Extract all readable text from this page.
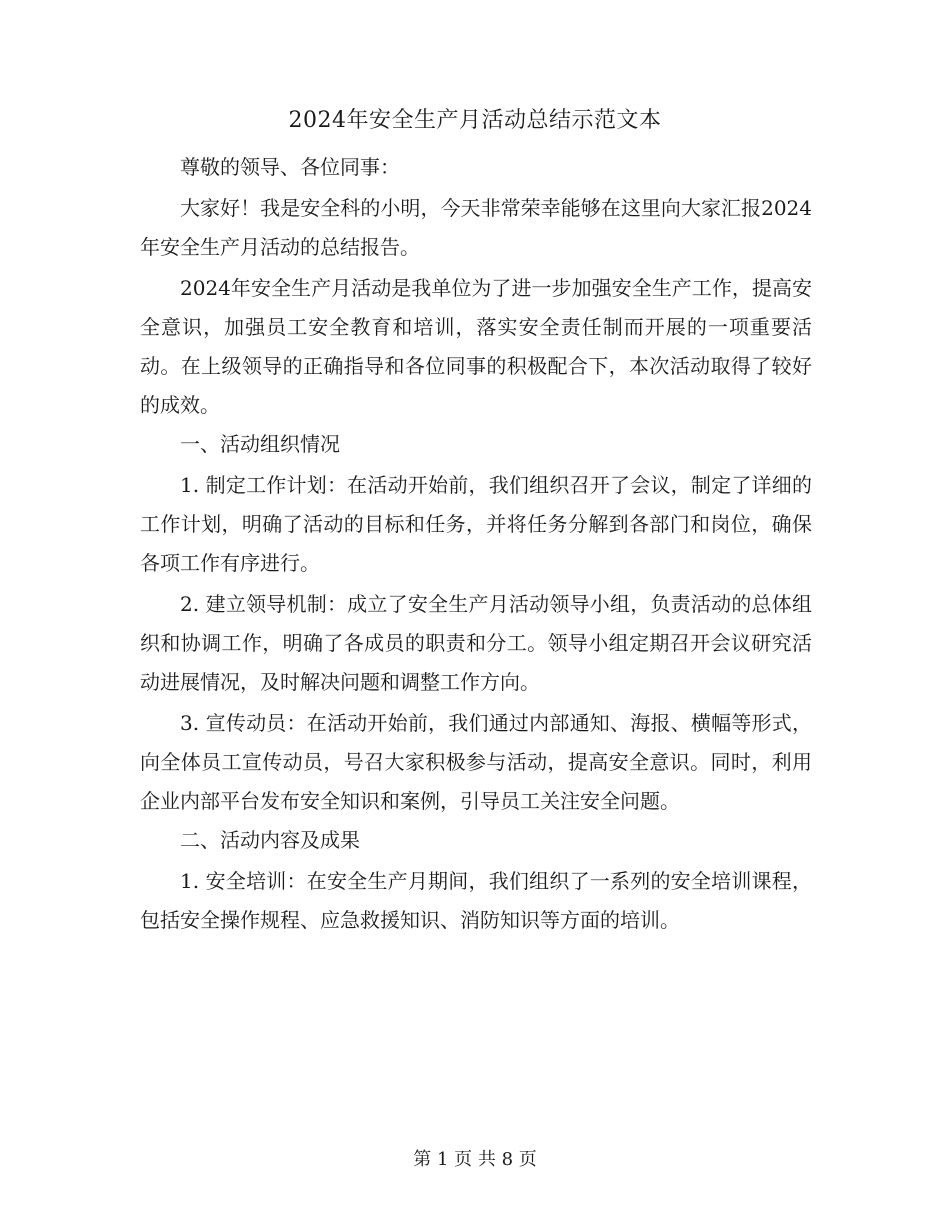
2024年安全生产月活动总结示范文本

尊敬的领导、各位同事：

大家好！我是安全科的小明，今天非常荣幸能够在这里向大家汇报2024年安全生产月活动的总结报告。

2024年安全生产月活动是我单位为了进一步加强安全生产工作，提高安全意识，加强员工安全教育和培训，落实安全责任制而开展的一项重要活动。在上级领导的正确指导和各位同事的积极配合下，本次活动取得了较好的成效。

一、活动组织情况

1. 制定工作计划：在活动开始前，我们组织召开了会议，制定了详细的工作计划，明确了活动的目标和任务，并将任务分解到各部门和岗位，确保各项工作有序进行。

2. 建立领导机制：成立了安全生产月活动领导小组，负责活动的总体组织和协调工作，明确了各成员的职责和分工。领导小组定期召开会议研究活动进展情况，及时解决问题和调整工作方向。

3. 宣传动员：在活动开始前，我们通过内部通知、海报、横幅等形式，向全体员工宣传动员，号召大家积极参与活动，提高安全意识。同时，利用企业内部平台发布安全知识和案例，引导员工关注安全问题。

二、活动内容及成果

1. 安全培训：在安全生产月期间，我们组织了一系列的安全培训课程，包括安全操作规程、应急救援知识、消防知识等方面的培训。

第 1 页 共 8 页
